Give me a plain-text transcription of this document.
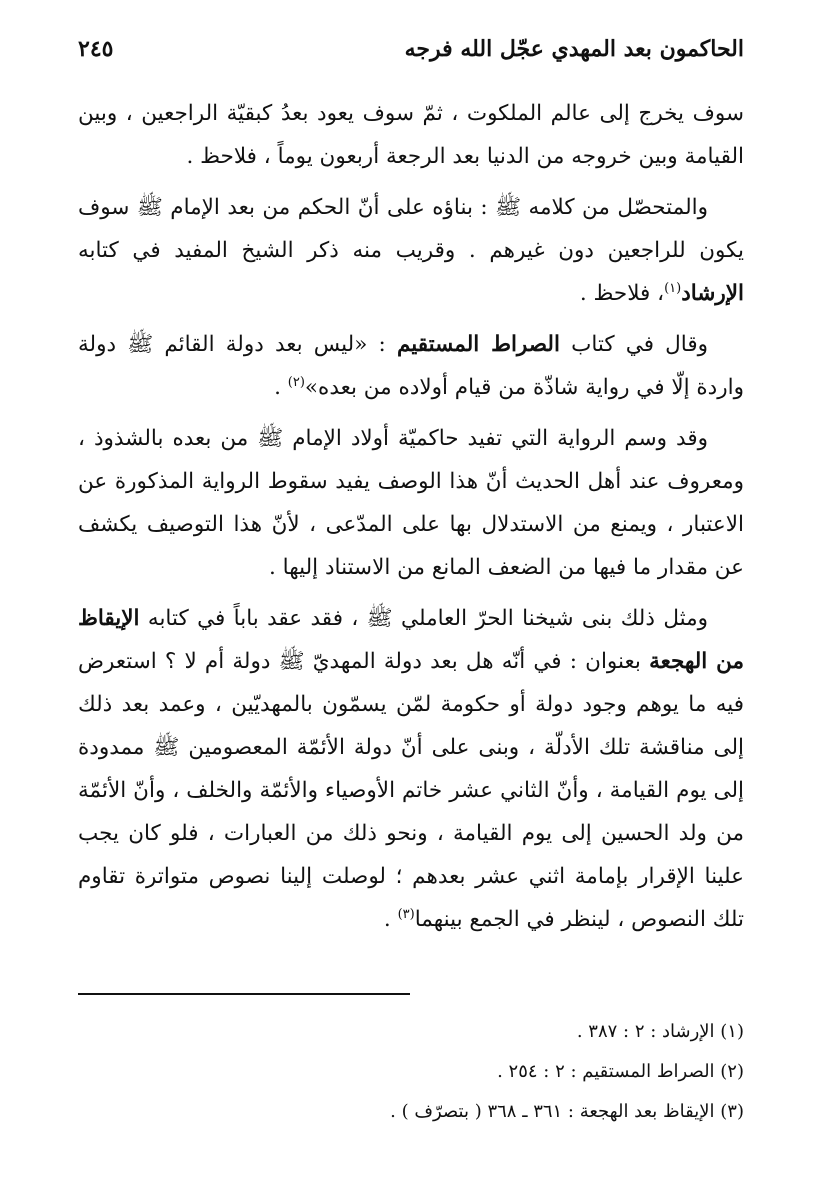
الحاكمون بعد المهدي عجّل الله فرجه
٢٤٥

سوف يخرج إلى عالم الملكوت ، ثمّ سوف يعود بعدُ كبقيّة الراجعين ، وبين القيامة وبين خروجه من الدنيا بعد الرجعة أربعون يوماً ، فلاحظ .

والمتحصّل من كلامه ﷺ : بناؤه على أنّ الحكم من بعد الإمام ﷺ سوف يكون للراجعين دون غيرهم . وقريب منه ذكر الشيخ المفيد في كتابه الإرشاد$^{(١)}$، فلاحظ .

وقال في كتاب الصراط المستقيم : «ليس بعد دولة القائم ﷺ دولة واردة إلّا في رواية شاذّة من قيام أولاده من بعده»$^{(٢)}$ .

وقد وسم الرواية التي تفيد حاكميّة أولاد الإمام ﷺ من بعده بالشذوذ ، ومعروف عند أهل الحديث أنّ هذا الوصف يفيد سقوط الرواية المذكورة عن الاعتبار ، ويمنع من الاستدلال بها على المدّعى ، لأنّ هذا التوصيف يكشف عن مقدار ما فيها من الضعف المانع من الاستناد إليها .

ومثل ذلك بنى شيخنا الحرّ العاملي ﷺ ، فقد عقد باباً في كتابه الإيقاظ من الهجعة بعنوان : في أنّه هل بعد دولة المهديّ ﷺ دولة أم لا ؟ استعرض فيه ما يوهم وجود دولة أو حكومة لمّن يسمّون بالمهديّين ، وعمد بعد ذلك إلى مناقشة تلك الأدلّة ، وبنى على أنّ دولة الأئمّة المعصومين ﷺ ممدودة إلى يوم القيامة ، وأنّ الثاني عشر خاتم الأوصياء والأئمّة والخلف ، وأنّ الأئمّة من ولد الحسين إلى يوم القيامة ، ونحو ذلك من العبارات ، فلو كان يجب علينا الإقرار بإمامة اثني عشر بعدهم ؛ لوصلت إلينا نصوص متواترة تقاوم تلك النصوص ، لينظر في الجمع بينهما$^{(٣)}$ .

(١) الإرشاد : ٢ : ٣٨٧ .

(٢) الصراط المستقيم : ٢ : ٢٥٤ .

(٣) الإيقاظ بعد الهجعة : ٣٦١ ـ ٣٦٨ ( بتصرّف ) .
